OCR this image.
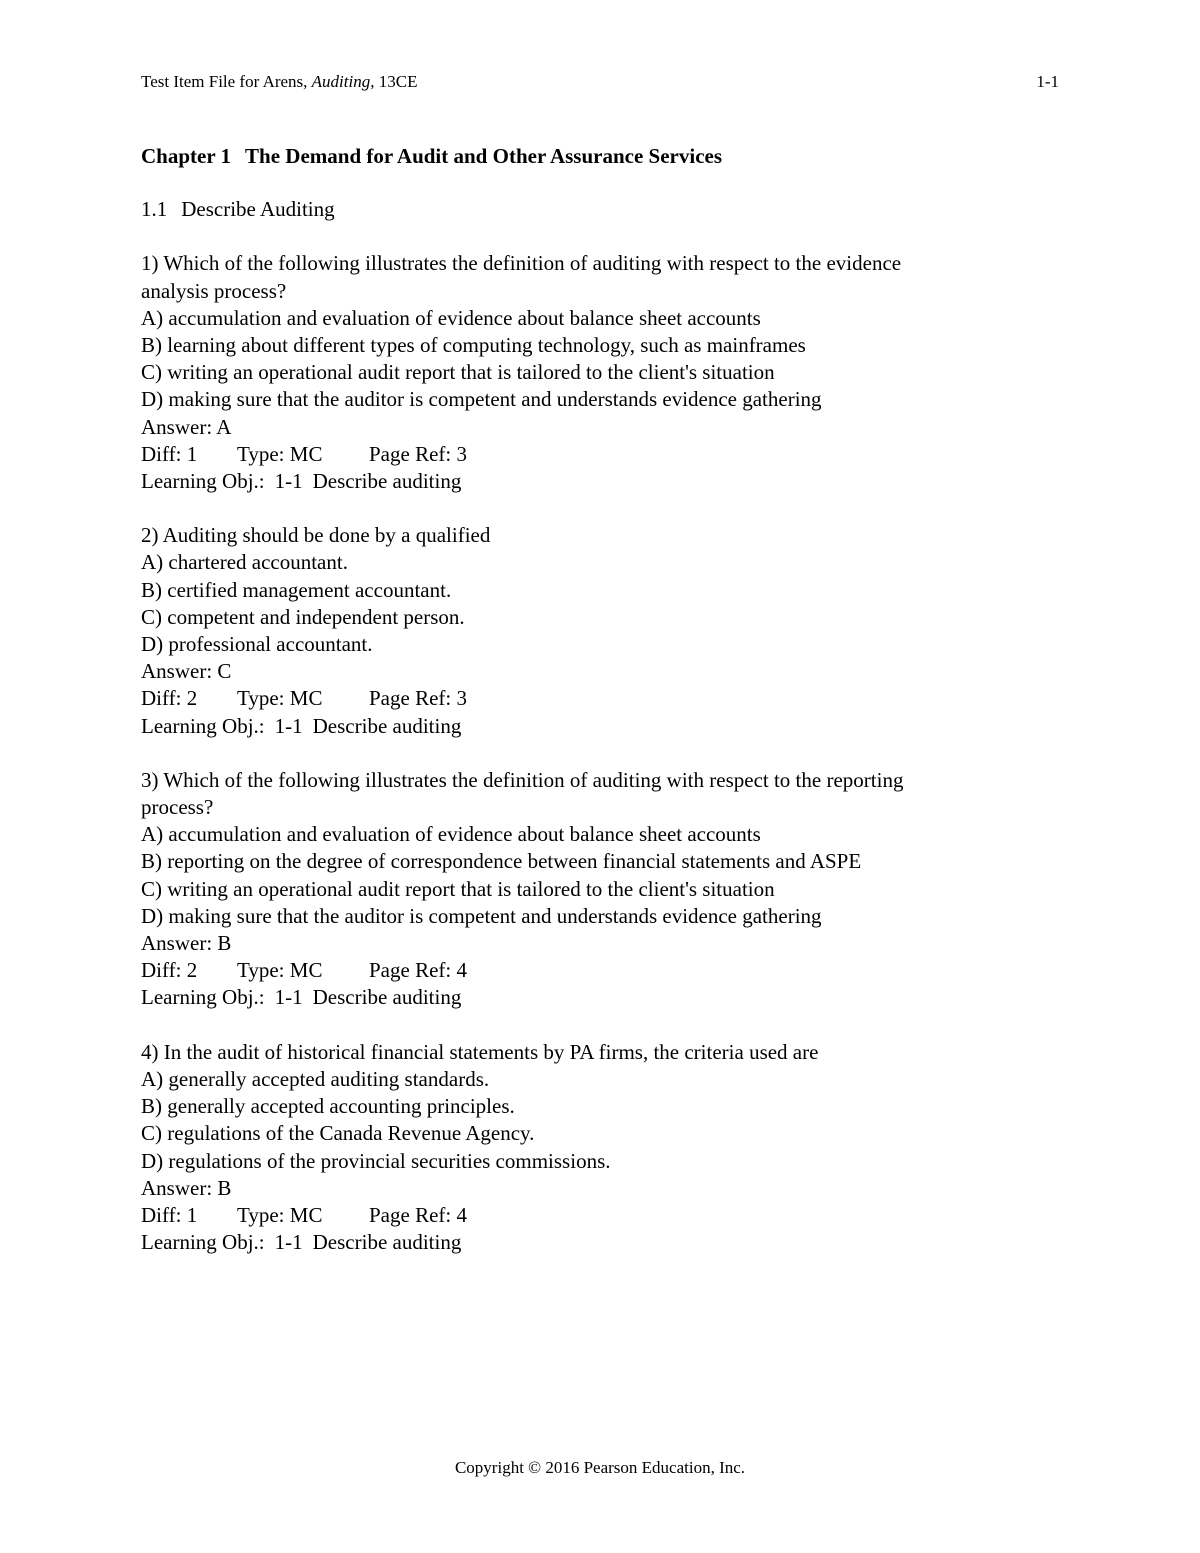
Test Item File for Arens, Auditing, 13CE	1-1
Chapter 1 The Demand for Audit and Other Assurance Services
1.1 Describe Auditing
1) Which of the following illustrates the definition of auditing with respect to the evidence
analysis process?
A) accumulation and evaluation of evidence about balance sheet accounts
B) learning about different types of computing technology, such as mainframes
C) writing an operational audit report that is tailored to the client's situation
D) making sure that the auditor is competent and understands evidence gathering
Answer: A
Diff: 1 Type: MC Page Ref: 3
Learning Obj.: 1-1 Describe auditing
2) Auditing should be done by a qualified
A) chartered accountant.
B) certified management accountant.
C) competent and independent person.
D) professional accountant.
Answer: C
Diff: 2 Type: MC Page Ref: 3
Learning Obj.: 1-1 Describe auditing
3) Which of the following illustrates the definition of auditing with respect to the reporting
process?
A) accumulation and evaluation of evidence about balance sheet accounts
B) reporting on the degree of correspondence between financial statements and ASPE
C) writing an operational audit report that is tailored to the client's situation
D) making sure that the auditor is competent and understands evidence gathering
Answer: B
Diff: 2 Type: MC Page Ref: 4
Learning Obj.: 1-1 Describe auditing
4) In the audit of historical financial statements by PA firms, the criteria used are
A) generally accepted auditing standards.
B) generally accepted accounting principles.
C) regulations of the Canada Revenue Agency.
D) regulations of the provincial securities commissions.
Answer: B
Diff: 1 Type: MC Page Ref: 4
Learning Obj.: 1-1 Describe auditing
Copyright © 2016 Pearson Education, Inc.
